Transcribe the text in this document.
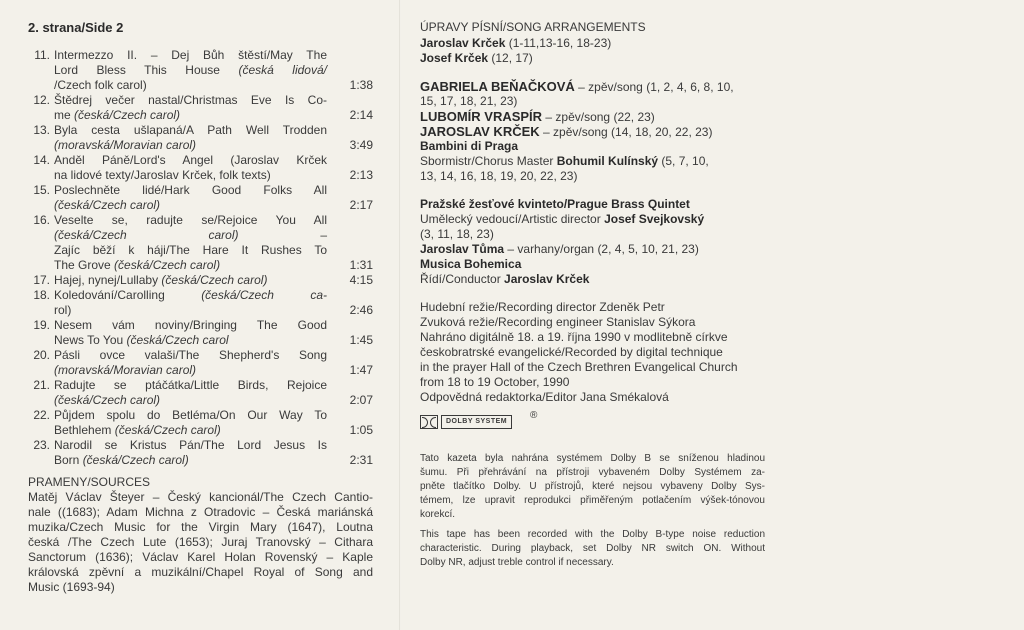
2. strana/Side 2
11. Intermezzo II. – Dej Bůh štěstí/May The
Lord Bless This House (česká lidová/
/Czech folk carol)	1:38
12. Štědrej večer nastal/Christmas Eve Is Co-
me (česká/Czech carol)	2:14
13. Byla cesta ušlapaná/A Path Well Trodden
(moravská/Moravian carol)	3:49
14. Anděl Páně/Lord's Angel (Jaroslav Krček
na lidové texty/Jaroslav Krček, folk texts)	2:13
15. Poslechněte lidé/Hark Good Folks All
(česká/Czech carol)	2:17
16. Veselte se, radujte se/Rejoice You All
(česká/Czech carol) –
Zajíc běží k háji/The Hare It Rushes To
The Grove (česká/Czech carol)	1:31
17. Hajej, nynej/Lullaby (česká/Czech carol)	4:15
18. Koledování/Carolling (česká/Czech ca-
rol)	2:46
19. Nesem vám noviny/Bringing The Good
News To You (česká/Czech carol	1:45
20. Pásli ovce valaši/The Shepherd's Song
(moravská/Moravian carol)	1:47
21. Radujte se ptáčátka/Little Birds, Rejoice
(česká/Czech carol)	2:07
22. Půjdem spolu do Betléma/On Our Way To
Bethlehem (česká/Czech carol)	1:05
23. Narodil se Kristus Pán/The Lord Jesus Is
Born (česká/Czech carol)	2:31
PRAMENY/SOURCES
Matěj Václav Šteyer – Český kancionál/The Czech Cantio-
nale ((1683); Adam Michna z Otradovic – Česká mariánská
muzika/Czech Music for the Virgin Mary (1647), Loutna
česká /The Czech Lute (1653); Juraj Tranovský – Cithara
Sanctorum (1636); Václav Karel Holan Rovenský – Kaple
královská zpěvní a muzikální/Chapel Royal of Song and
Music (1693-94)
ÚPRAVY PÍSNÍ/SONG ARRANGEMENTS
Jaroslav Krček (1-11,13-16, 18-23)
Josef Krček (12, 17)
GABRIELA BEŇAČKOVÁ – zpěv/song (1, 2, 4, 6, 8, 10,
15, 17, 18, 21, 23)
LUBOMÍR VRASPÍR – zpěv/song (22, 23)
JAROSLAV KRČEK – zpěv/song (14, 18, 20, 22, 23)
Bambini di Praga
Sbormistr/Chorus Master Bohumil Kulínský (5, 7, 10,
13, 14, 16, 18, 19, 20, 22, 23)
Pražské žesťové kvinteto/Prague Brass Quintet
Umělecký vedoucí/Artistic director Josef Svejkovský
(3, 11, 18, 23)
Jaroslav Tůma – varhany/organ (2, 4, 5, 10, 21, 23)
Musica Bohemica
Řídí/Conductor Jaroslav Krček
Hudební režie/Recording director Zdeněk Petr
Zvuková režie/Recording engineer Stanislav Sýkora
Nahráno digitálně 18. a 19. října 1990 v modlitebně církve
českobratrské evangelické/Recorded by digital technique
in the prayer Hall of the Czech Brethren Evangelical Church
from 18 to 19 October, 1990
Odpovědná redaktorka/Editor Jana Smékalová
DOLBY SYSTEM
®
Tato kazeta byla nahrána systémem Dolby B se sníženou hladinou
šumu. Při přehrávání na přístroji vybaveném Dolby Systémem za-
pněte tlačítko Dolby. U přístrojů, které nejsou vybaveny Dolby Sys-
témem, lze upravit reprodukci přiměřeným potlačením výšek-tónovou
korekcí.
This tape has been recorded with the Dolby B-type noise reduction
characteristic. During playback, set Dolby NR switch ON. Without
Dolby NR, adjust treble control if necessary.
